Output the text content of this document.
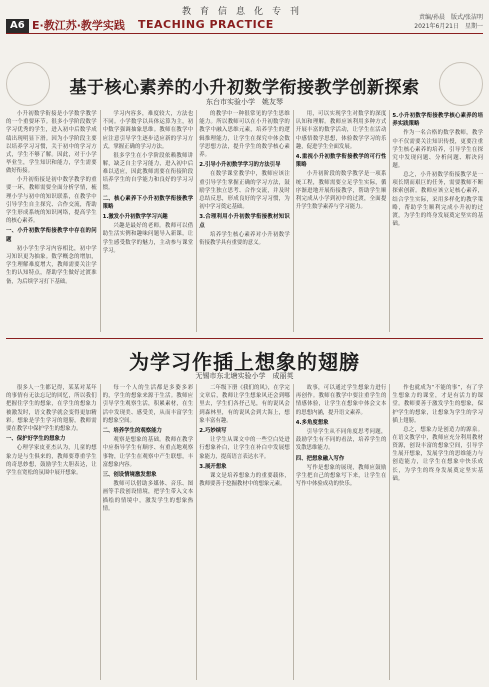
教育信息化专刊
A6 E·教江苏·教学实践 TEACHING PRACTICE
责编/孙晨　版式/张洁明
2021年6月21日　星期一
基于核心素养的小升初数学衔接教学创新探索
东台市实验小学　姚友琴

小升初数学衔接是小学数学教学的一个重要环节。很多小学阶段数学学习优秀的学生，进入初中后数学成绩出现明显下滑。因为小学阶段主要以培养学习习惯，关于初中的学习方式，学生不够了解。因此，对于小学毕业生，学生知识和能力，学生需要做好衔接。

小升初衔接是初中数学教学的重要一环，教师需要全面分析学情，梳理小学与初中的知识联系，在教学中引导学生自主探究、合作交流，帮助学生形成系统的知识网络，提高学生的核心素养。

一、小升初数学衔接教学中存在的问题

初小学生学习内容相比，初中学习知识更为抽象。数学概念的增加，学生理解难度增大，教师需要关注学生的认知特点，帮助学生做好过渡准备，为后续学习打下基础。

学习内容多，难度较大，方法也不同。小学数学以具体运算为主，初中数学强调抽象思维。教师在教学中应注意引导学生逐步适应新的学习方式，掌握正确的学习方法。

很多学生在小学阶段依赖教师讲解，缺乏自主学习能力，进入初中后难以适应，因此教师需要在衔接阶段培养学生的自学能力和良好的学习习惯。

二、核心素养下小升初数学衔接教学策略

1.激发小升初数学学习兴趣

兴趣是最好的老师。教师可以借助生活实例和趣味问题导入新课，让学生感受数学的魅力，主动参与课堂学习。

的教学中一种很常见的学生思维能力。所以教师可以在小升初数学的教学中融入思维元素，培养学生的逻辑推理能力，让学生在探究中体会数学思想方法，提升学生的数学核心素养。

2.引导小升初数学学习的方法引导

在数学课堂教学中，教师应该注重引导学生掌握正确的学习方法，鼓励学生独立思考、合作交流，并及时总结反思，形成良好的学习习惯，为初中学习奠定基础。

3.合理利用小升初数学衔接教材知识点

培养学生核心素养对小升初数学衔接教学具有重要的意义。

用，可以实现学生对数学的深度认知和理解。教师应该利用多种方式开展丰富的数学活动，让学生在活动中感悟数学思想，体验数学学习的乐趣，促进学生全面发展。

4.重视小升初数学衔接教学的可行性策略

小升初阶段的数学教学是一项系统工程，教师需要立足学生实际，循序渐进地开展衔接教学，帮助学生顺利完成从小学到初中的过渡，全面提升学生数学素养与学习能力。

5.小升初数学衔接教学核心素养的培养实践策略

作为一名合格的数学教师，教学中不仅需要关注知识传授，更要注重学生核心素养的培养，引导学生在探究中发现问题、分析问题、解决问题。

总之，小升初数学衔接教学是一项长期而艰巨的任务，需要教师不断探索创新。教师应该立足核心素养，结合学生实际，采用多样化的教学策略，帮助学生顺利完成小升初的过渡，为学生的终身发展奠定坚实的基础。

为学习作插上想象的翅膀
无锡市东北塘实验小学　成丽英

很多人一生都记得，某某对某年的事情有无法忘记的回忆，所以我们把握住学生的想象，在学生的想象力被激发时，语文教学就会变得更加精彩。想象是学生学习的翅膀，教师需要在教学中保护学生的想象力。

一、保护好学生的想象力

心理学家皮亚杰认为，儿童的想象力是与生俱来的，教师要尊重学生的奇思妙想，鼓励学生大胆表达，让学生在宽松的氛围中展开想象。

每一个人的生活都是多姿多彩的，学生的想象来源于生活。教师应引导学生观察生活，积累素材，在生活中发现美、感受美，从而丰富学生的想象空间。

二、培养学生的观察能力

观察是想象的基础。教师在教学中应指导学生有顺序、有重点地观察事物，让学生在观察中产生联想，丰富想象内容。

三、创设情境激发想象

教师可以借助多媒体、音乐、图画等手段创设情境，把学生带入文本描绘的情境中，激发学生的想象热情。

二年级下册《我们的风》，在学完文章后，教师让学生想象风还会到哪里去，学生们各抒己见，有的说风会到森林里，有的说风会到大海上，想象丰富有趣。

2.巧妙续写

让学生从课文中的一些空白处进行想象补白，让学生在补白中发展想象能力，提高语言表达水平。

3.展开想象

课文是培养想象力的重要载体，教师要善于挖掘教材中的想象元素。

故事，可以通过学生想象力进行再创作。教师在教学中要注重学生的情感体验，让学生在想象中体会文本的思想内涵，提升语文素养。

4.多角度想象

引导学生从不同角度思考问题，鼓励学生有不同的看法，培养学生的发散思维能力。

四、把想象融入写作

写作是想象的展现，教师应鼓励学生把自己的想象写下来，让学生在写作中体验成功的快乐。

作也就成为“不能的事”，有了学生想象力的课堂，才是有活力的课堂。教师要善于激发学生的想象，保护学生的想象，让想象为学生的学习插上翅膀。

总之，想象力是创造力的源泉。在语文教学中，教师应充分利用教材资源，创设丰富的想象空间，引导学生展开想象，发展学生的思维能力与创造能力，让学生在想象中快乐成长，为学生的终身发展奠定坚实基础。
